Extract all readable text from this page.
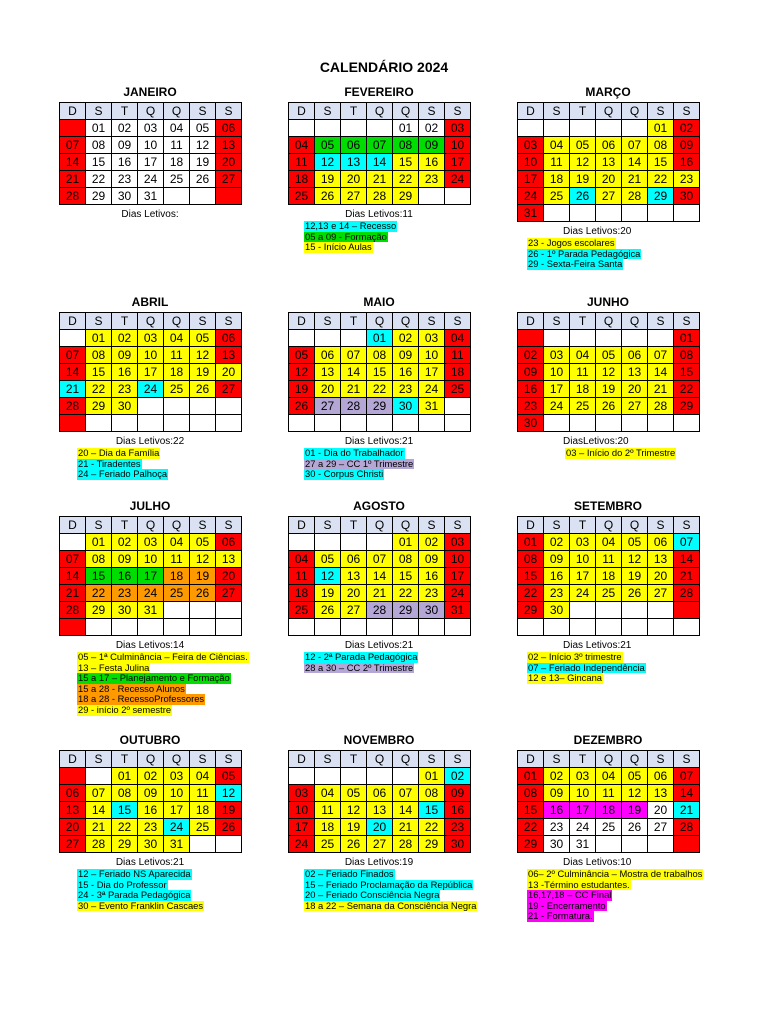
CALENDÁRIO 2024
JANEIRO
D	S	T	Q	Q	S	S
	01	02	03	04	05	06
07	08	09	10	11	12	13
14	15	16	17	18	19	20
21	22	23	24	25	26	27
28	29	30	31			
Dias Letivos:
FEVEREIRO
D	S	T	Q	Q	S	S
				01	02	03
04	05	06	07	08	09	10
11	12	13	14	15	16	17
18	19	20	21	22	23	24
25	26	27	28	29		
Dias Letivos:11
12,13 e 14 – Recesso
05 a 09 - Formação
15 - Início Aulas
MARÇO
D	S	T	Q	Q	S	S
					01	02
03	04	05	06	07	08	09
10	11	12	13	14	15	16
17	18	19	20	21	22	23
24	25	26	27	28	29	30
31						
Dias Letivos:20
23 - Jogos escolares
26 - 1º Parada Pedagógica
29 - Sexta-Feira Santa
ABRIL
D	S	T	Q	Q	S	S
	01	02	03	04	05	06
07	08	09	10	11	12	13
14	15	16	17	18	19	20
21	22	23	24	25	26	27
28	29	30				

Dias Letivos:22
20 – Dia da Família
21 - Tiradentes
24 – Feriado Palhoça
MAIO
D	S	T	Q	Q	S	S
			01	02	03	04
05	06	07	08	09	10	11
12	13	14	15	16	17	18
19	20	21	22	23	24	25
26	27	28	29	30	31	

Dias Letivos:21
01 - Dia do Trabalhador
27 a 29 – CC 1º Trimestre
30 - Corpus Christi
JUNHO
D	S	T	Q	Q	S	S
						01
02	03	04	05	06	07	08
09	10	11	12	13	14	15
16	17	18	19	20	21	22
23	24	25	26	27	28	29
30						
DiasLetivos:20
03 – Início do 2º Trimestre
JULHO
D	S	T	Q	Q	S	S
	01	02	03	04	05	06
07	08	09	10	11	12	13
14	15	16	17	18	19	20
21	22	23	24	25	26	27
28	29	30	31			

Dias Letivos:14
05 – 1ª Culminância – Feira de Ciências.
13 – Festa Julina
15 a 17 – Planejamento e Formação
15 a 28 - Recesso Alunos
18 a 28 - RecessoProfessores
29 - início 2º semestre
AGOSTO
D	S	T	Q	Q	S	S
				01	02	03
04	05	06	07	08	09	10
11	12	13	14	15	16	17
18	19	20	21	22	23	24
25	26	27	28	29	30	31

Dias Letivos:21
12 - 2ª Parada Pedagógica
28 a 30 – CC 2º Trimestre
SETEMBRO
D	S	T	Q	Q	S	S
01	02	03	04	05	06	07
08	09	10	11	12	13	14
15	16	17	18	19	20	21
22	23	24	25	26	27	28
29	30					

Dias Letivos:21
02 – Início 3º trimestre
07 – Feriado Independência
12 e 13– Gincana
OUTUBRO
D	S	T	Q	Q	S	S
		01	02	03	04	05
06	07	08	09	10	11	12
13	14	15	16	17	18	19
20	21	22	23	24	25	26
27	28	29	30	31		
Dias Letivos:21
12 – Feriado NS Aparecida
15 - Dia do Professor
24 - 3ª Parada Pedagógica
30 – Evento Franklin Cascaes
NOVEMBRO
D	S	T	Q	Q	S	S
					01	02
03	04	05	06	07	08	09
10	11	12	13	14	15	16
17	18	19	20	21	22	23
24	25	26	27	28	29	30
Dias Letivos:19
02 – Feriado Finados
15 – Feriado Proclamação da República
20 – Feriado Consciência Negra
18 a 22 – Semana da Consciência Negra
DEZEMBRO
D	S	T	Q	Q	S	S
01	02	03	04	05	06	07
08	09	10	11	12	13	14
15	16	17	18	19	20	21
22	23	24	25	26	27	28
29	30	31				
Dias Letivos:10
06– 2º Culminância – Mostra de trabalhos
13 -Término estudantes.
16,17,18 – CC Final
19 - Encerramento
21 - Formatura.
